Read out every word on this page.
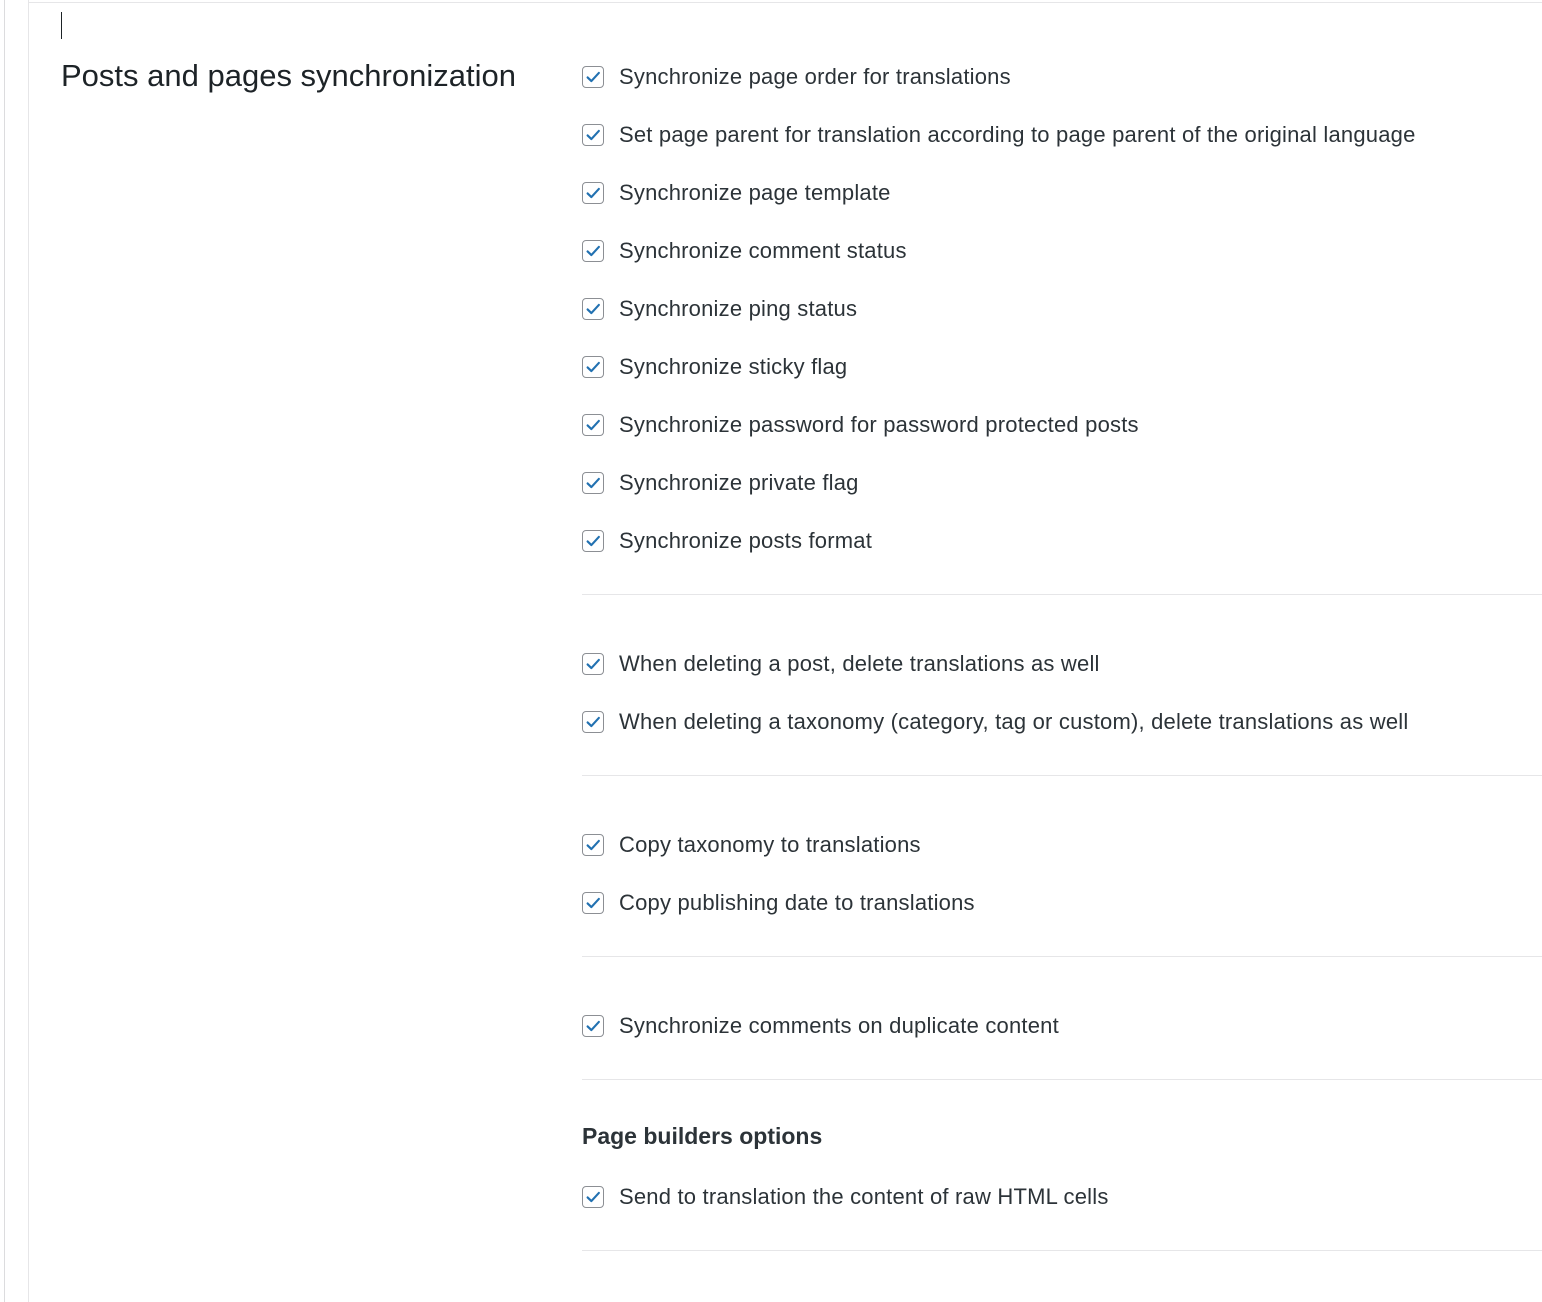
Posts and pages synchronization	Synchronize page order for translations
Set page parent for translation according to page parent of the original language
Synchronize page template
Synchronize comment status
Synchronize ping status
Synchronize sticky flag
Synchronize password for password protected posts
Synchronize private flag
Synchronize posts format
When deleting a post, delete translations as well
When deleting a taxonomy (category, tag or custom), delete translations as well
Copy taxonomy to translations
Copy publishing date to translations
Synchronize comments on duplicate content
Page builders options
Send to translation the content of raw HTML cells
